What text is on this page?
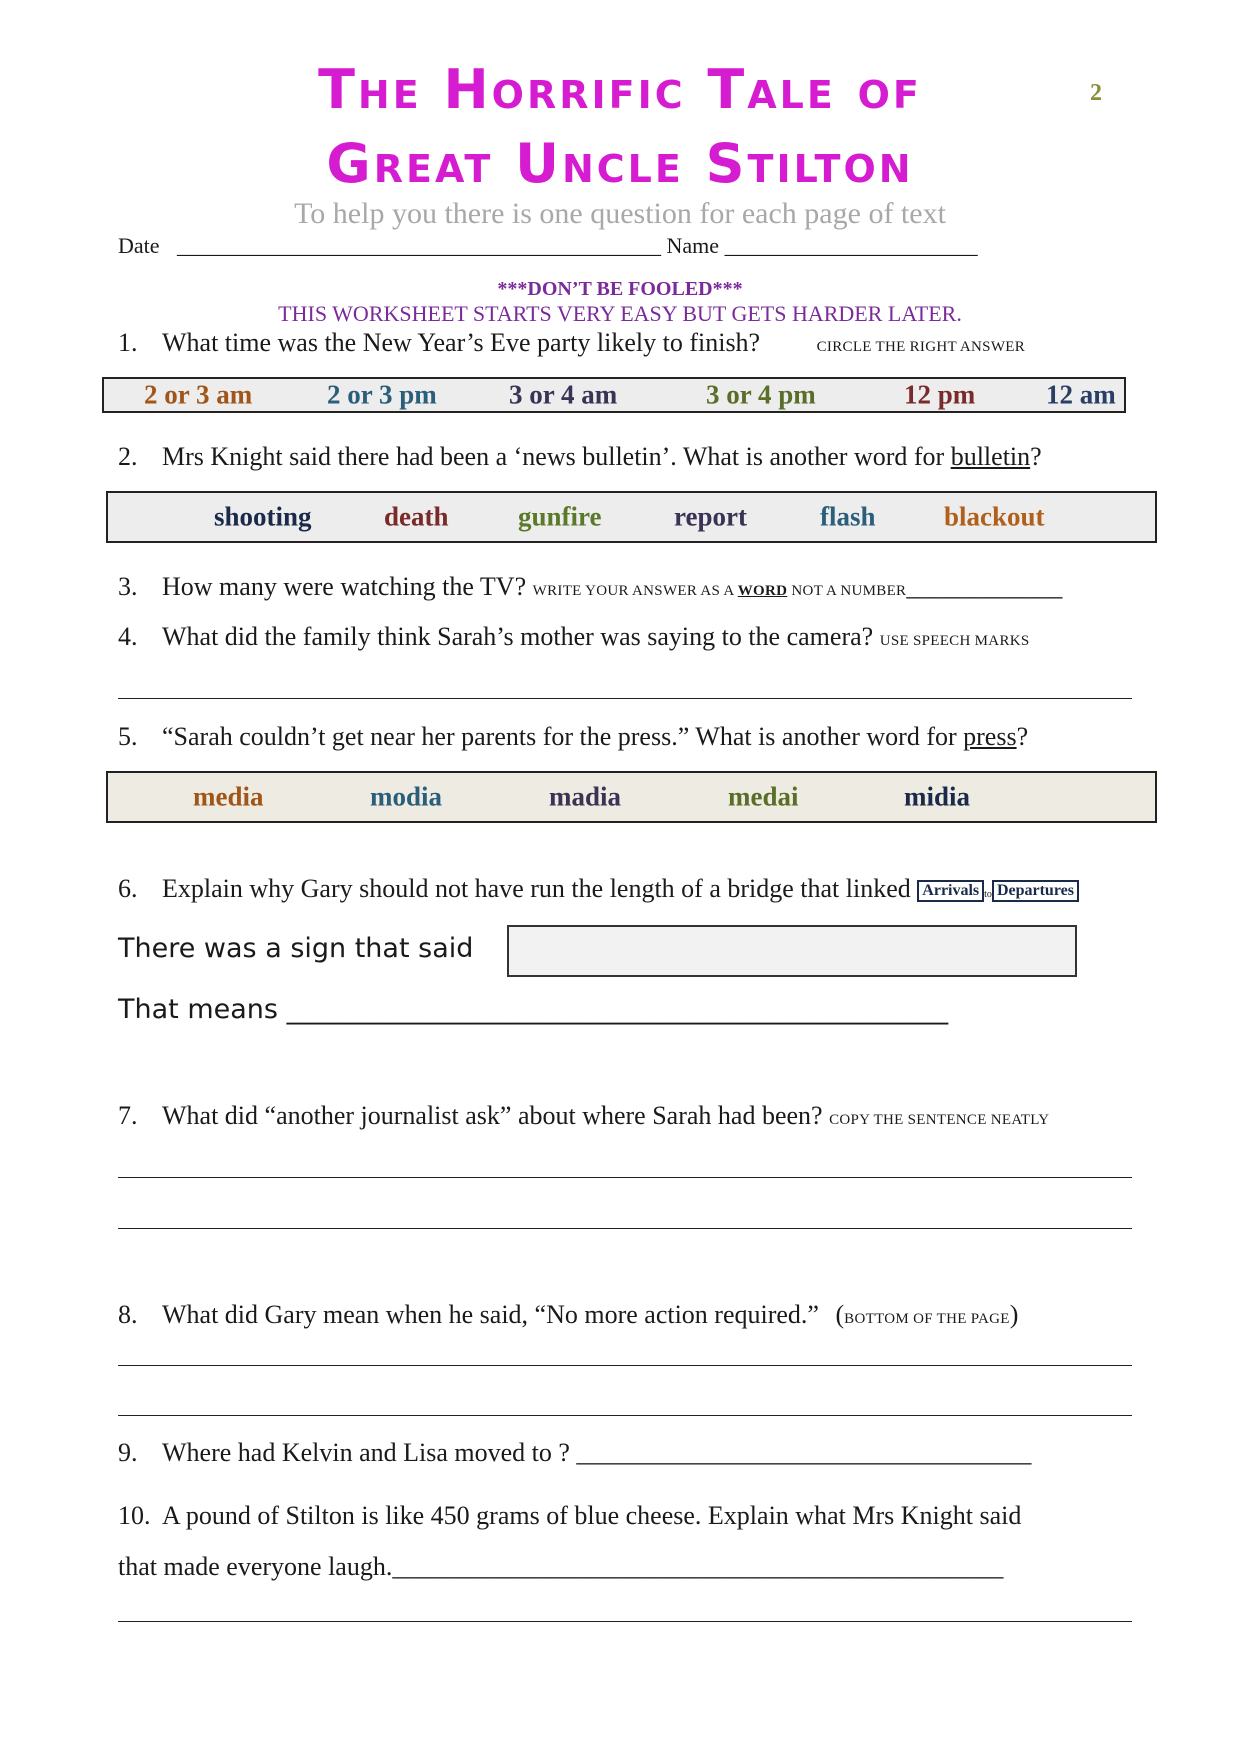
The Horrific Tale of
Great Uncle Stilton
2
To help you there is one question for each page of text
Date ____________________________________________ Name _______________________
***DON’T BE FOOLED***
THIS WORKSHEET STARTS VERY EASY BUT GETS HARDER LATER.
1. What time was the New Year’s Eve party likely to finish?	CIRCLE THE RIGHT ANSWER
2 or 3 am	2 or 3 pm	3 or 4 am	3 or 4 pm	12 pm	12 am
2. Mrs Knight said there had been a ‘news bulletin’. What is another word for bulletin?
shooting	death	gunfire	report	flash	blackout
3. How many were watching the TV? WRITE YOUR ANSWER AS A WORD NOT A NUMBER____________
4. What did the family think Sarah’s mother was saying to the camera? USE SPEECH MARKS
5. “Sarah couldn’t get near her parents for the press.” What is another word for press?
media	modia	madia	medai	midia
6. Explain why Gary should not have run the length of a bridge that linked Arrivals to Departures
There was a sign that said
That means _________________________________________________
7. What did “another journalist ask” about where Sarah had been? COPY THE SENTENCE NEATLY
8. What did Gary mean when he said, “No more action required.” (BOTTOM OF THE PAGE)
9. Where had Kelvin and Lisa moved to ? ___________________________________
10. A pound of Stilton is like 450 grams of blue cheese. Explain what Mrs Knight said
that made everyone laugh._______________________________________________
